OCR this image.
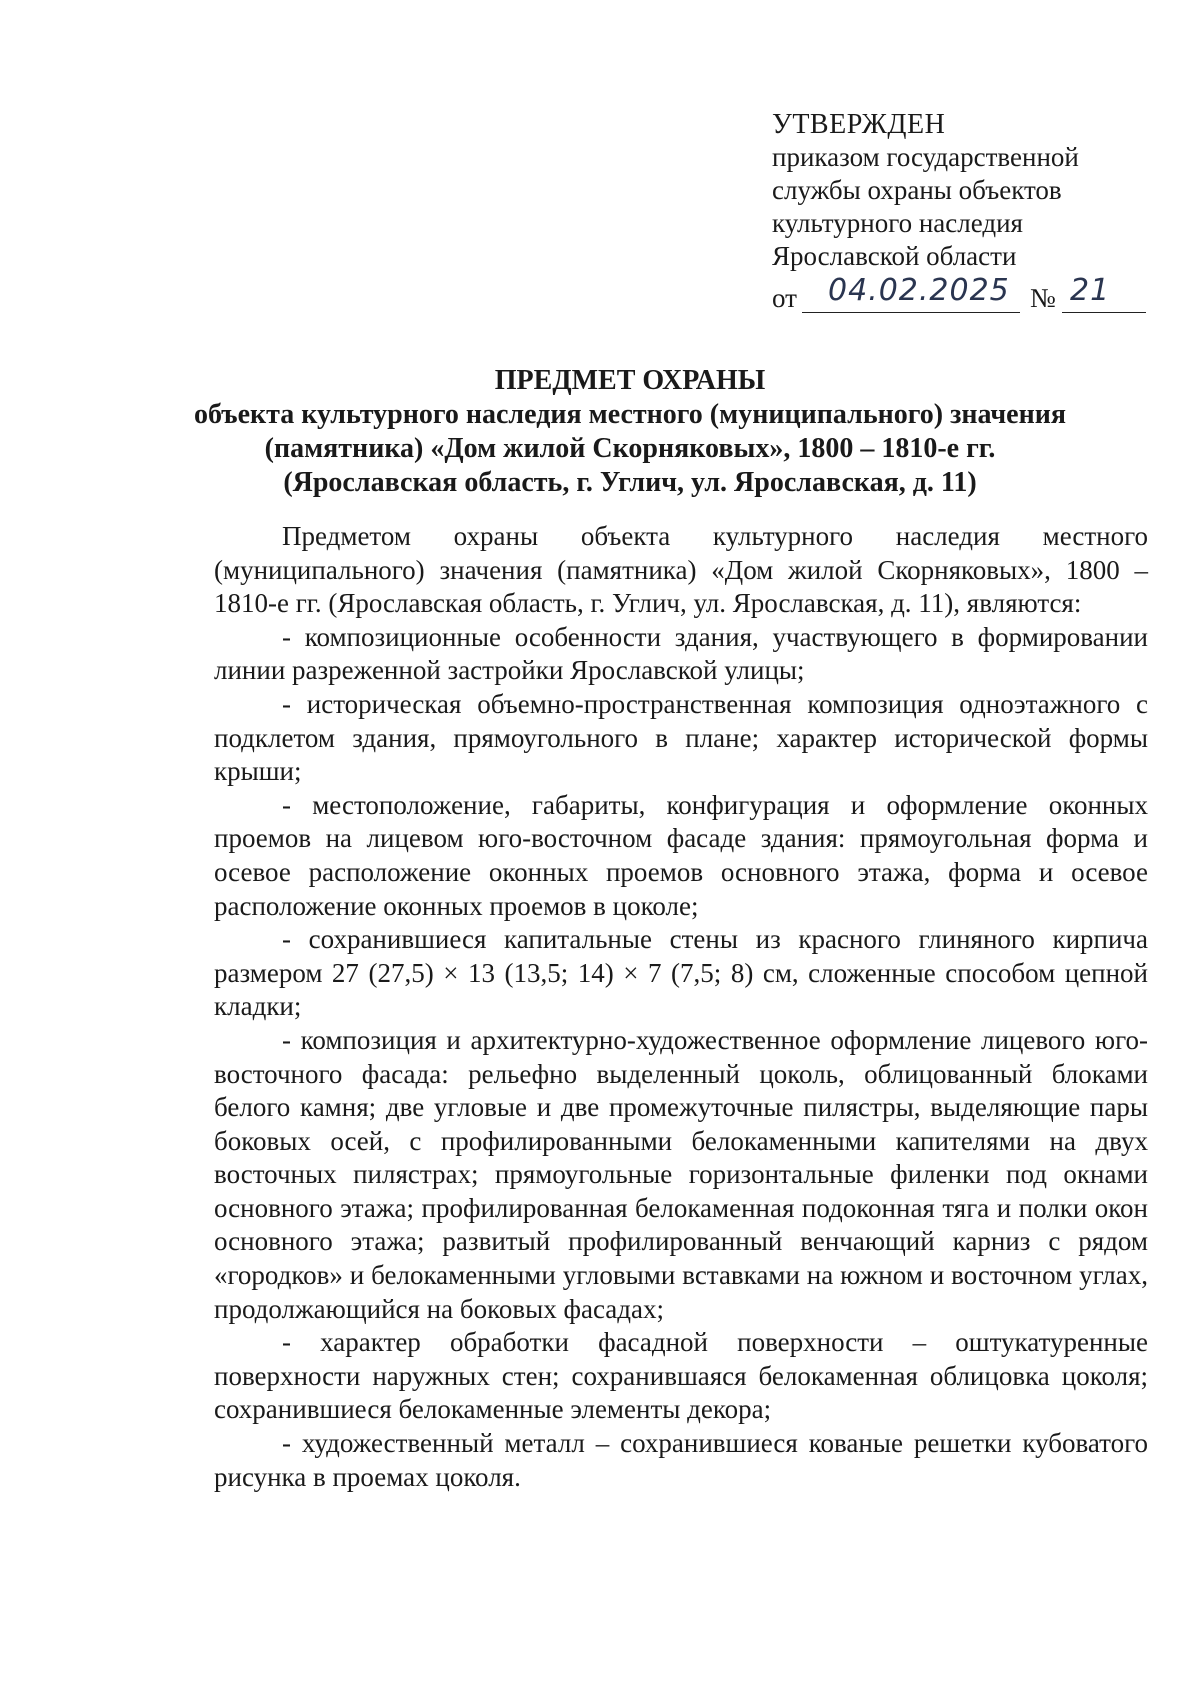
УТВЕРЖДЕН
приказом государственной
службы охраны объектов
культурного наследия
Ярославской области
от 04.02.2025 № 21
ПРЕДМЕТ ОХРАНЫ
объекта культурного наследия местного (муниципального) значения
(памятника) «Дом жилой Скорняковых», 1800 – 1810-е гг.
(Ярославская область, г. Углич, ул. Ярославская, д. 11)

Предметом охраны объекта культурного наследия местного (муниципального) значения (памятника) «Дом жилой Скорняковых», 1800 – 1810-е гг. (Ярославская область, г. Углич, ул. Ярославская, д. 11), являются:

- композиционные особенности здания, участвующего в формировании линии разреженной застройки Ярославской улицы;

- историческая объемно-пространственная композиция одноэтажного с подклетом здания, прямоугольного в плане; характер исторической формы крыши;

- местоположение, габариты, конфигурация и оформление оконных проемов на лицевом юго-восточном фасаде здания: прямоугольная форма и осевое расположение оконных проемов основного этажа, форма и осевое расположение оконных проемов в цоколе;

- сохранившиеся капитальные стены из красного глиняного кирпича размером 27 (27,5) × 13 (13,5; 14) × 7 (7,5; 8) см, сложенные способом цепной кладки;

- композиция и архитектурно-художественное оформление лицевого юго-восточного фасада: рельефно выделенный цоколь, облицованный блоками белого камня; две угловые и две промежуточные пилястры, выделяющие пары боковых осей, с профилированными белокаменными капителями на двух восточных пилястрах; прямоугольные горизонтальные филенки под окнами основного этажа; профилированная белокаменная подоконная тяга и полки окон основного этажа; развитый профилированный венчающий карниз с рядом «городков» и белокаменными угловыми вставками на южном и восточном углах, продолжающийся на боковых фасадах;

- характер обработки фасадной поверхности – оштукатуренные поверхности наружных стен; сохранившаяся белокаменная облицовка цоколя; сохранившиеся белокаменные элементы декора;

- художественный металл – сохранившиеся кованые решетки кубоватого рисунка в проемах цоколя.
